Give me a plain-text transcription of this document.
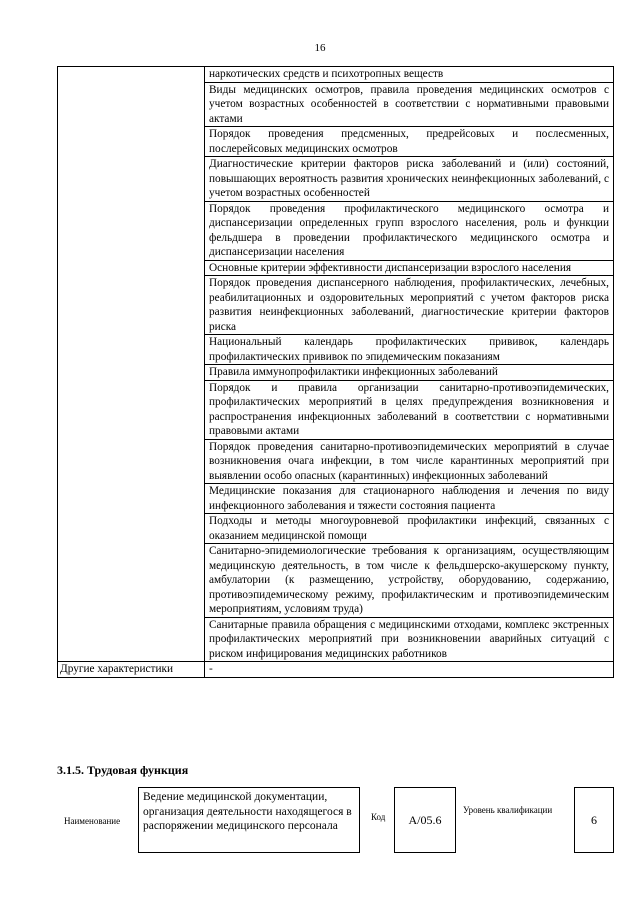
16
	наркотических средств и психотропных веществ
	Виды медицинских осмотров, правила проведения медицинских осмотров с учетом возрастных особенностей в соответствии с нормативными правовыми актами
	Порядок проведения предсменных, предрейсовых и послесменных, послерейсовых медицинских осмотров
	Диагностические критерии факторов риска заболеваний и (или) состояний, повышающих вероятность развития хронических неинфекционных заболеваний, с учетом возрастных особенностей
	Порядок проведения профилактического медицинского осмотра и диспансеризации определенных групп взрослого населения, роль и функции фельдшера в проведении профилактического медицинского осмотра и диспансеризации населения
	Основные критерии эффективности диспансеризации взрослого населения
	Порядок проведения диспансерного наблюдения, профилактических, лечебных, реабилитационных и оздоровительных мероприятий с учетом факторов риска развития неинфекционных заболеваний, диагностические критерии факторов риска
	Национальный календарь профилактических прививок, календарь профилактических прививок по эпидемическим показаниям
	Правила иммунопрофилактики инфекционных заболеваний
	Порядок и правила организации санитарно-противоэпидемических, профилактических мероприятий в целях предупреждения возникновения и распространения инфекционных заболеваний в соответствии с нормативными правовыми актами
	Порядок проведения санитарно-противоэпидемических мероприятий в случае возникновения очага инфекции, в том числе карантинных мероприятий при выявлении особо опасных (карантинных) инфекционных заболеваний
	Медицинские показания для стационарного наблюдения и лечения по виду инфекционного заболевания и тяжести состояния пациента
	Подходы и методы многоуровневой профилактики инфекций, связанных с оказанием медицинской помощи
	Санитарно-эпидемиологические требования к организациям, осуществляющим медицинскую деятельность, в том числе к фельдшерско-акушерскому пункту, амбулатории (к размещению, устройству, оборудованию, содержанию, противоэпидемическому режиму, профилактическим и противоэпидемическим мероприятиям, условиям труда)
	Санитарные правила обращения с медицинскими отходами, комплекс экстренных профилактических мероприятий при возникновении аварийных ситуаций с риском инфицирования медицинских работников
Другие характеристики	-
3.1.5. Трудовая функция
Наименование
Ведение медицинской документации, организация деятельности находящегося в распоряжении медицинского персонала
Код А/05.6
Уровень квалификации
6
